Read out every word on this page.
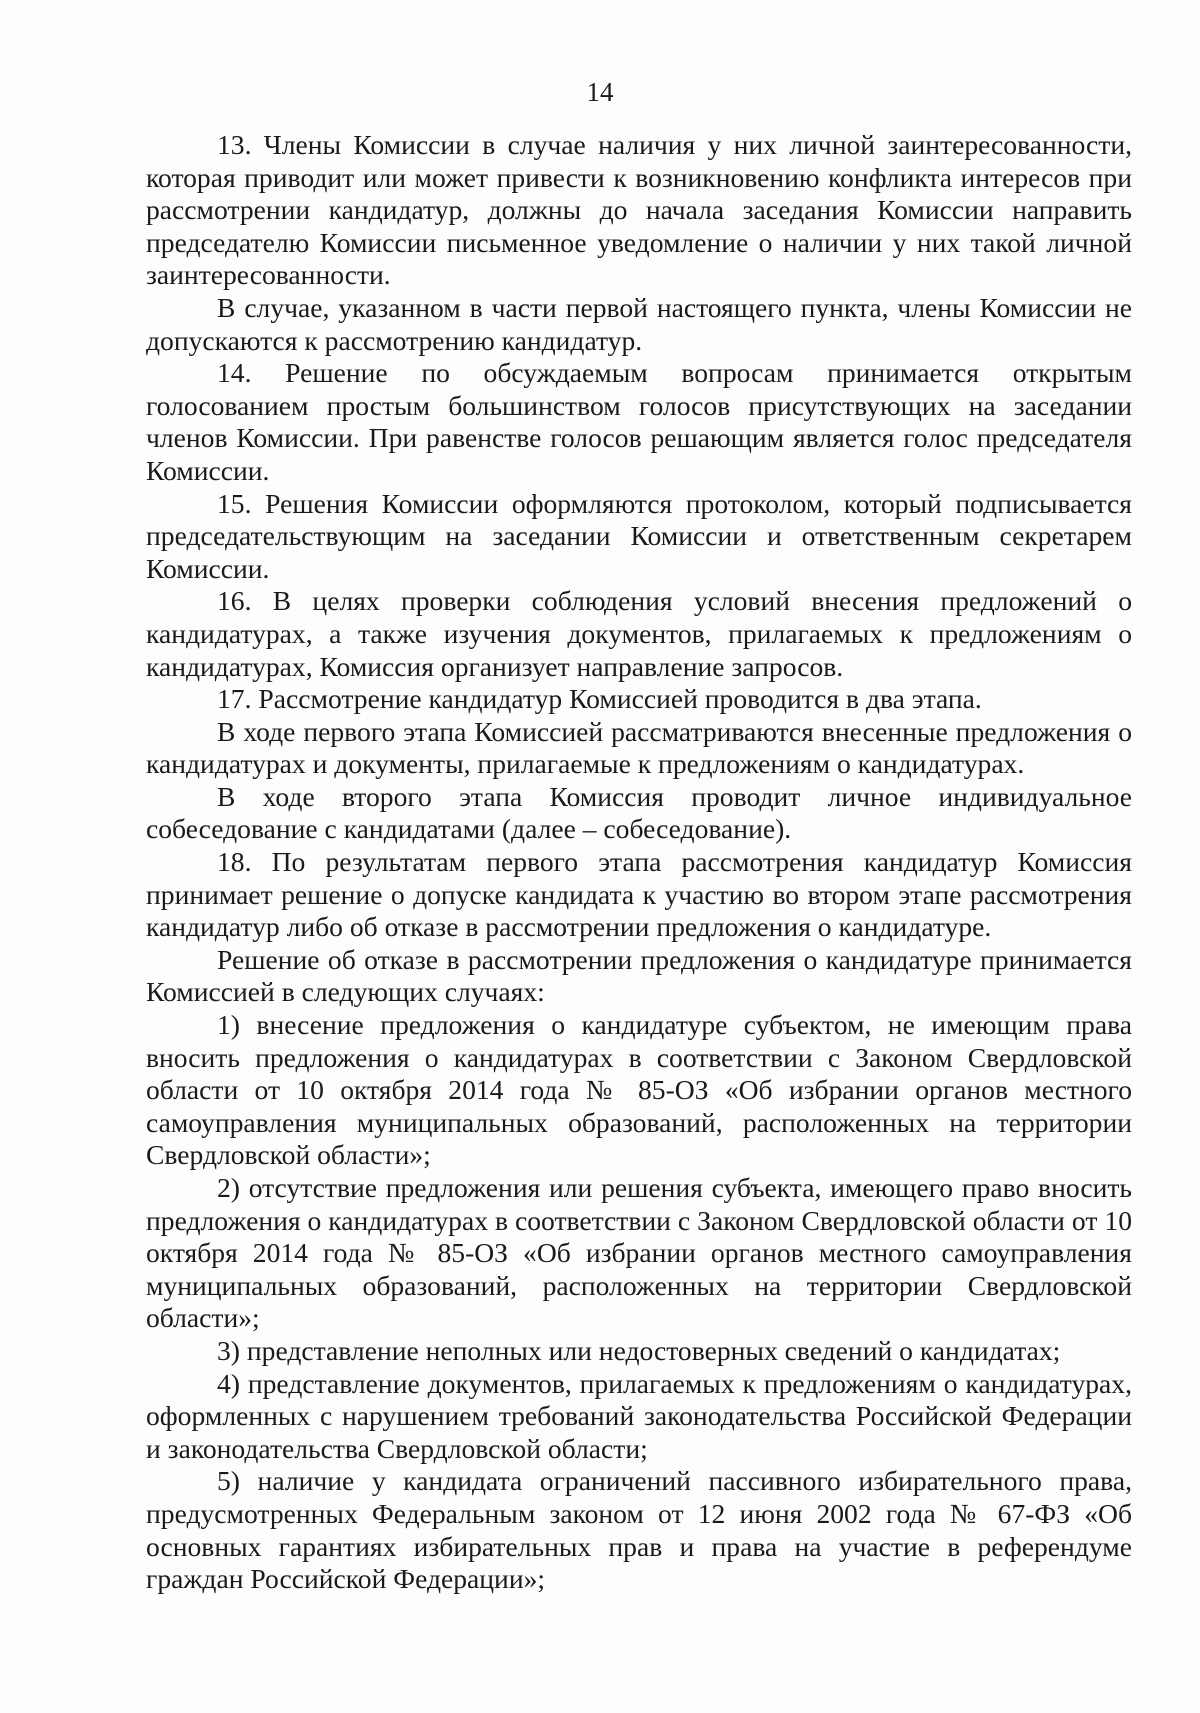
14

13. Члены Комиссии в случае наличия у них личной заинтересованности, которая приводит или может привести к возникновению конфликта интересов при рассмотрении кандидатур, должны до начала заседания Комиссии направить председателю Комиссии письменное уведомление о наличии у них такой личной заинтересованности.

В случае, указанном в части первой настоящего пункта, члены Комиссии не допускаются к рассмотрению кандидатур.

14. Решение по обсуждаемым вопросам принимается открытым голосованием простым большинством голосов присутствующих на заседании членов Комиссии. При равенстве голосов решающим является голос председателя Комиссии.

15. Решения Комиссии оформляются протоколом, который подписывается председательствующим на заседании Комиссии и ответственным секретарем Комиссии.

16. В целях проверки соблюдения условий внесения предложений о кандидатурах, а также изучения документов, прилагаемых к предложениям о кандидатурах, Комиссия организует направление запросов.

17. Рассмотрение кандидатур Комиссией проводится в два этапа.

В ходе первого этапа Комиссией рассматриваются внесенные предложения о кандидатурах и документы, прилагаемые к предложениям о кандидатурах.

В ходе второго этапа Комиссия проводит личное индивидуальное собеседование с кандидатами (далее – собеседование).

18. По результатам первого этапа рассмотрения кандидатур Комиссия принимает решение о допуске кандидата к участию во втором этапе рассмотрения кандидатур либо об отказе в рассмотрении предложения о кандидатуре.

Решение об отказе в рассмотрении предложения о кандидатуре принимается Комиссией в следующих случаях:

1) внесение предложения о кандидатуре субъектом, не имеющим права вносить предложения о кандидатурах в соответствии с Законом Свердловской области от 10 октября 2014 года № 85-ОЗ «Об избрании органов местного самоуправления муниципальных образований, расположенных на территории Свердловской области»;

2) отсутствие предложения или решения субъекта, имеющего право вносить предложения о кандидатурах в соответствии с Законом Свердловской области от 10 октября 2014 года № 85-ОЗ «Об избрании органов местного самоуправления муниципальных образований, расположенных на территории Свердловской области»;

3) представление неполных или недостоверных сведений о кандидатах;

4) представление документов, прилагаемых к предложениям о кандидатурах, оформленных с нарушением требований законодательства Российской Федерации и законодательства Свердловской области;

5) наличие у кандидата ограничений пассивного избирательного права, предусмотренных Федеральным законом от 12 июня 2002 года № 67-ФЗ «Об основных гарантиях избирательных прав и права на участие в референдуме граждан Российской Федерации»;
